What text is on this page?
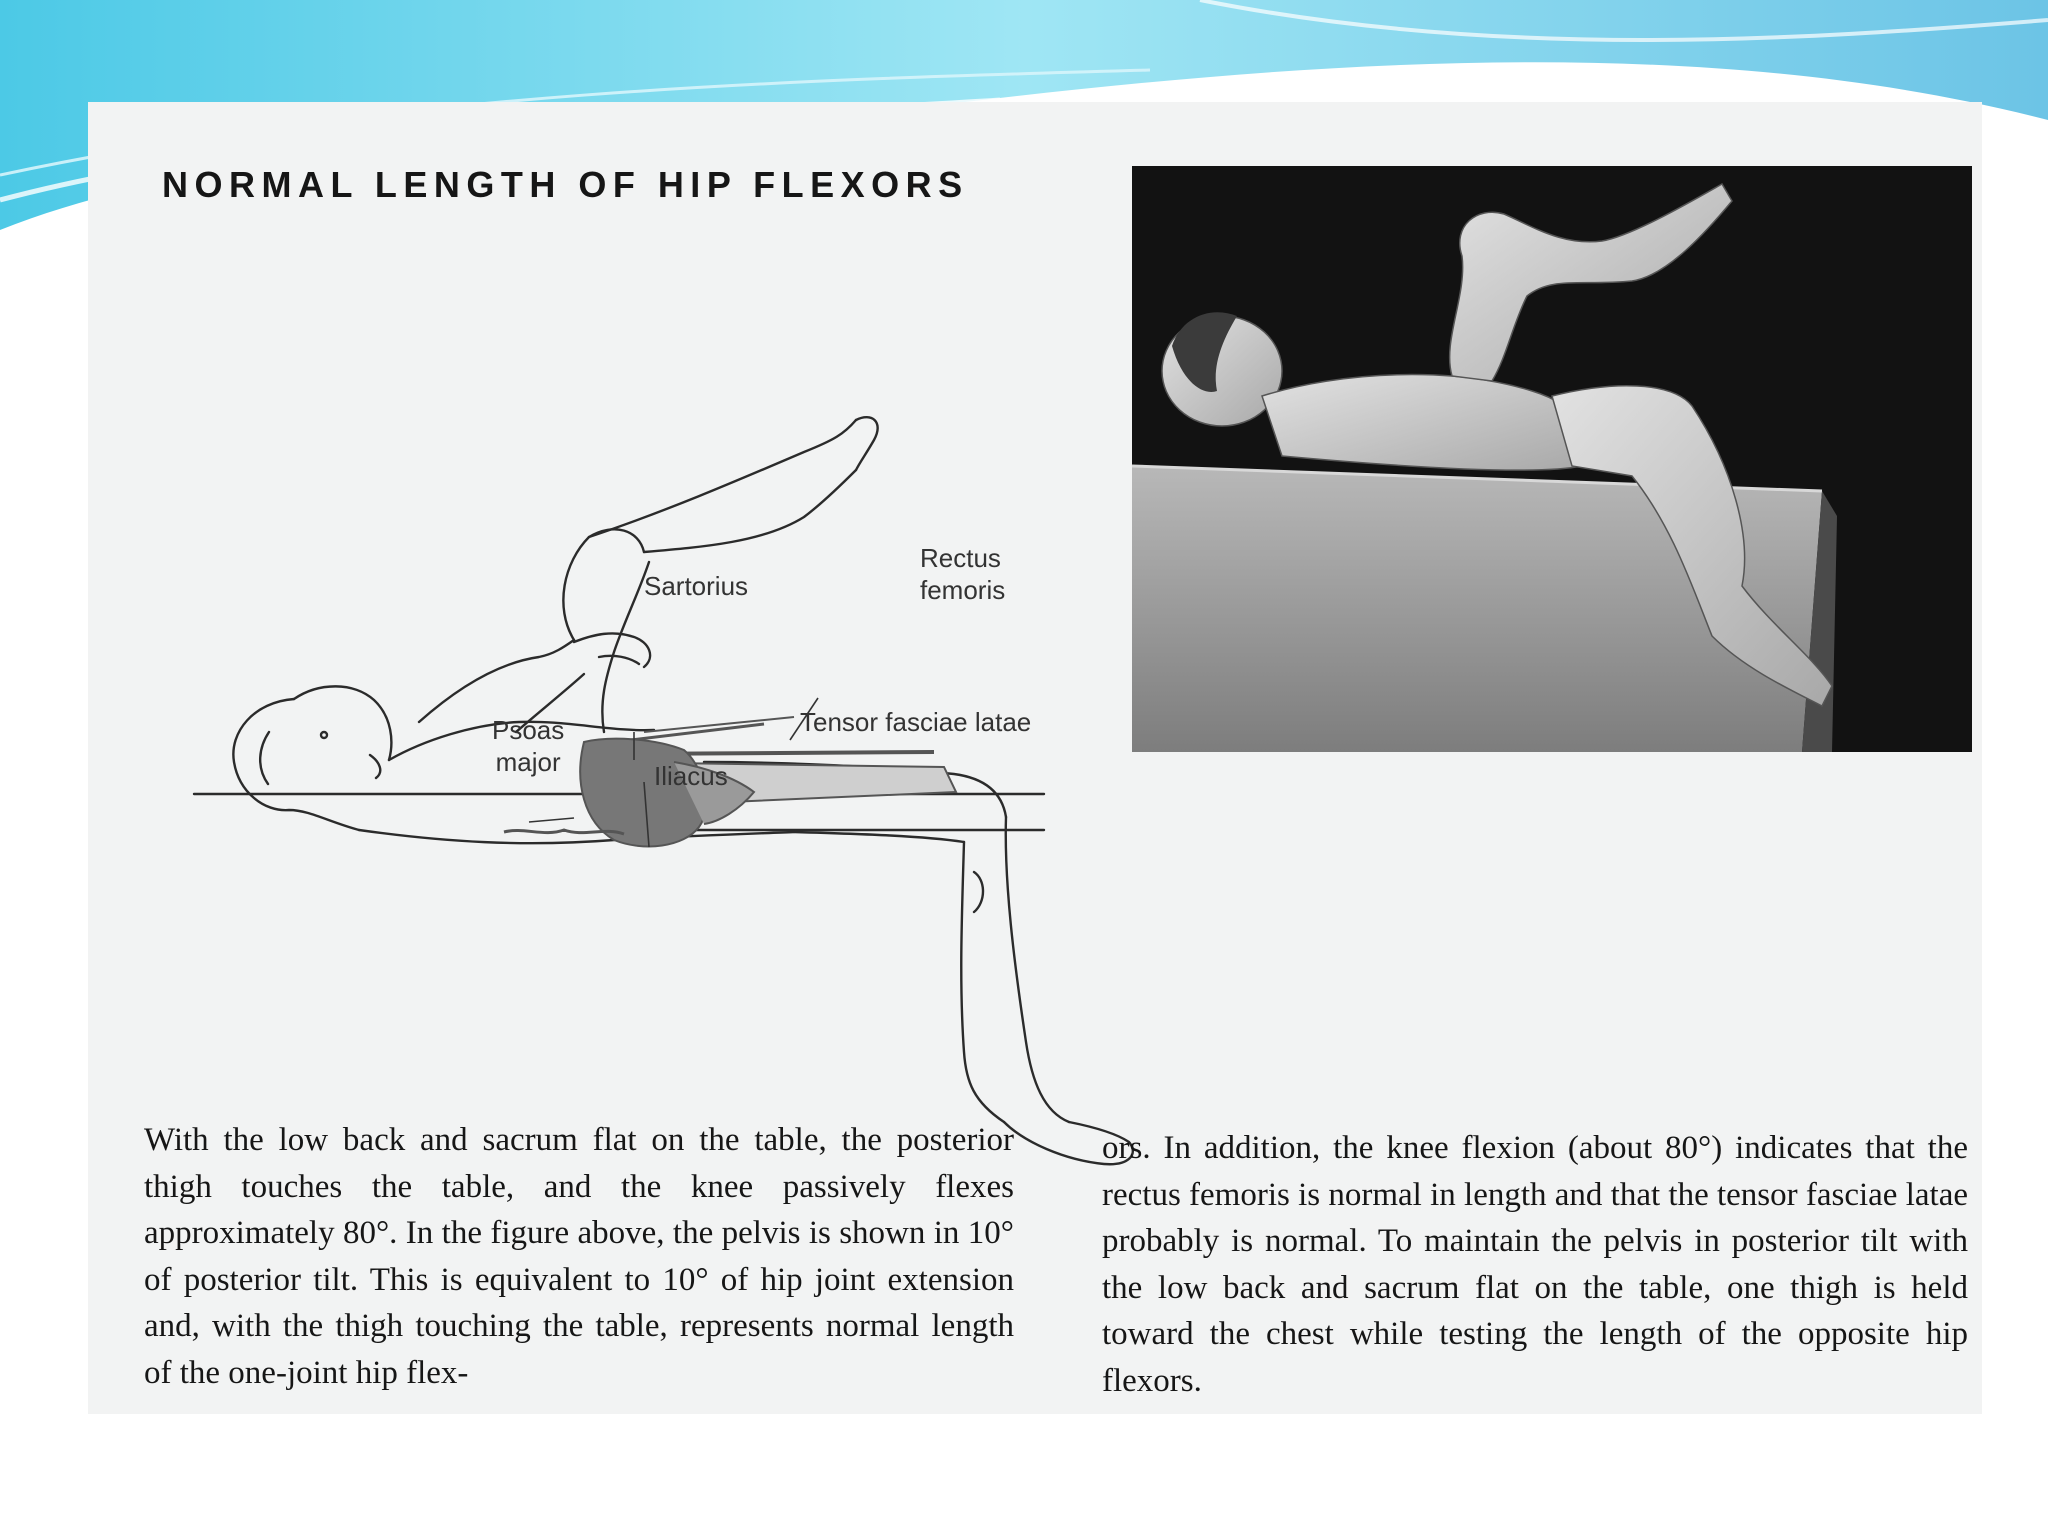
NORMAL LENGTH OF HIP FLEXORS
Rectus
femoris
Sartorius
Tensor fasciae latae
Psoas
major	Iliacus

With the low back and sacrum flat on the table, the posterior thigh touches the table, and the knee passively flexes approximately 80°. In the figure above, the pelvis is shown in 10° of posterior tilt. This is equivalent to 10° of hip joint extension and, with the thigh touching the table, represents normal length of the one-joint hip flex-

ors. In addition, the knee flexion (about 80°) indicates that the rectus femoris is normal in length and that the tensor fasciae latae probably is normal. To maintain the pelvis in posterior tilt with the low back and sacrum flat on the table, one thigh is held toward the chest while testing the length of the opposite hip flexors.
